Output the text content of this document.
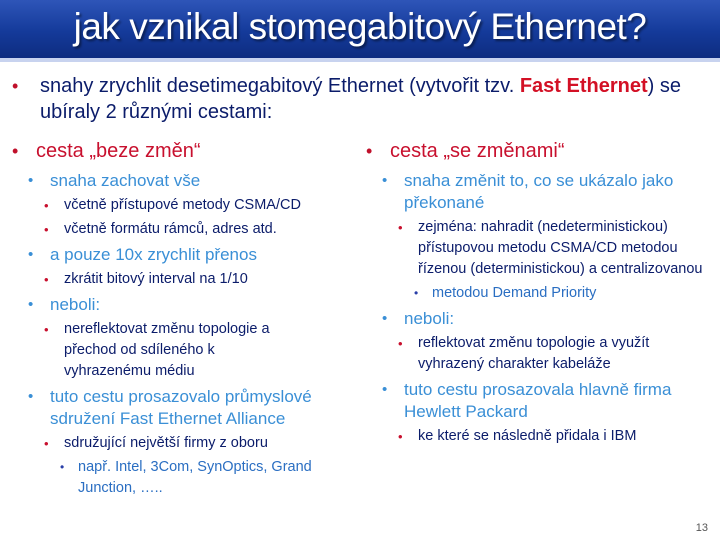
jak vznikal stomegabitový Ethernet?
• snahy zrychlit desetimegabitový Ethernet (vytvořit tzv. Fast Ethernet) se ubíraly 2 různými cestami:
• cesta „beze změn“
• snaha zachovat vše
• včetně přístupové metody CSMA/CD
• včetně formátu rámců, adres atd.
• a pouze 10x zrychlit přenos
• zkrátit bitový interval na 1/10
• neboli:
• nereflektovat změnu topologie a přechod od sdíleného k vyhrazenému médiu
• tuto cestu prosazovalo průmyslové sdružení Fast Ethernet Alliance
• sdružující největší firmy z oboru
• např. Intel, 3Com, SynOptics, Grand Junction, …..
• cesta „se změnami“
• snaha změnit to, co se ukázalo jako překonané
• zejména: nahradit (nedeterministickou) přístupovou metodu CSMA/CD metodou řízenou (deterministickou) a centralizovanou
• metodou Demand Priority
• neboli:
• reflektovat změnu topologie a využít vyhrazený charakter kabeláže
• tuto cestu prosazovala hlavně firma Hewlett Packard
• ke které se následně přidala i IBM
13
